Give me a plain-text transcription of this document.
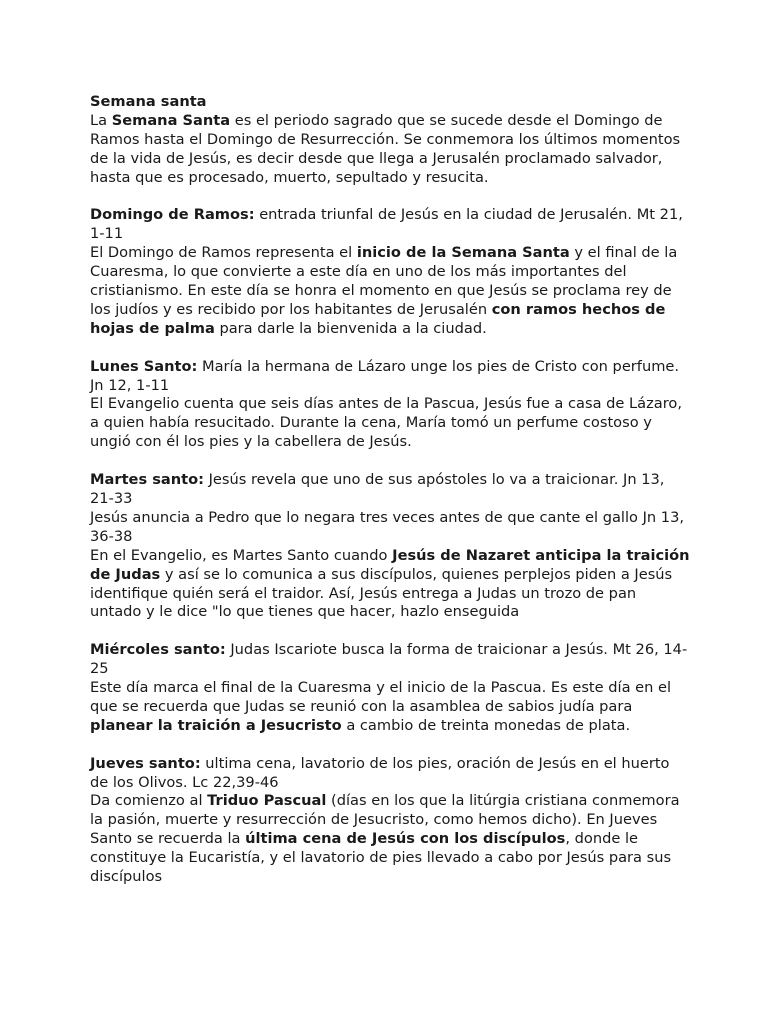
Semana santa

La Semana Santa es el periodo sagrado que se sucede desde el Domingo de Ramos hasta el Domingo de Resurrección. Se conmemora los últimos momentos de la vida de Jesús, es decir desde que llega a Jerusalén proclamado salvador, hasta que es procesado, muerto, sepultado y resucita.

Domingo de Ramos: entrada triunfal de Jesús en la ciudad de Jerusalén. Mt 21, 1-11

El Domingo de Ramos representa el inicio de la Semana Santa y el final de la Cuaresma, lo que convierte a este día en uno de los más importantes del cristianismo. En este día se honra el momento en que Jesús se proclama rey de los judíos y es recibido por los habitantes de Jerusalén con ramos hechos de hojas de palma para darle la bienvenida a la ciudad.

Lunes Santo: María la hermana de Lázaro unge los pies de Cristo con perfume. Jn 12, 1-11

El Evangelio cuenta que seis días antes de la Pascua, Jesús fue a casa de Lázaro, a quien había resucitado. Durante la cena, María tomó un perfume costoso y ungió con él los pies y la cabellera de Jesús.

Martes santo: Jesús revela que uno de sus apóstoles lo va a traicionar. Jn 13, 21-33

Jesús anuncia a Pedro que lo negara tres veces antes de que cante el gallo Jn 13, 36-38

En el Evangelio, es Martes Santo cuando Jesús de Nazaret anticipa la traición de Judas y así se lo comunica a sus discípulos, quienes perplejos piden a Jesús identifique quién será el traidor. Así, Jesús entrega a Judas un trozo de pan untado y le dice "lo que tienes que hacer, hazlo enseguida

Miércoles santo: Judas Iscariote busca la forma de traicionar a Jesús. Mt 26, 14-25

Este día marca el final de la Cuaresma y el inicio de la Pascua. Es este día en el que se recuerda que Judas se reunió con la asamblea de sabios judía para planear la traición a Jesucristo a cambio de treinta monedas de plata.

Jueves santo: ultima cena, lavatorio de los pies, oración de Jesús en el huerto de los Olivos. Lc 22,39-46

Da comienzo al Triduo Pascual (días en los que la litúrgia cristiana conmemora la pasión, muerte y resurrección de Jesucristo, como hemos dicho). En Jueves Santo se recuerda la última cena de Jesús con los discípulos, donde le constituye la Eucaristía, y el lavatorio de pies llevado a cabo por Jesús para sus discípulos
